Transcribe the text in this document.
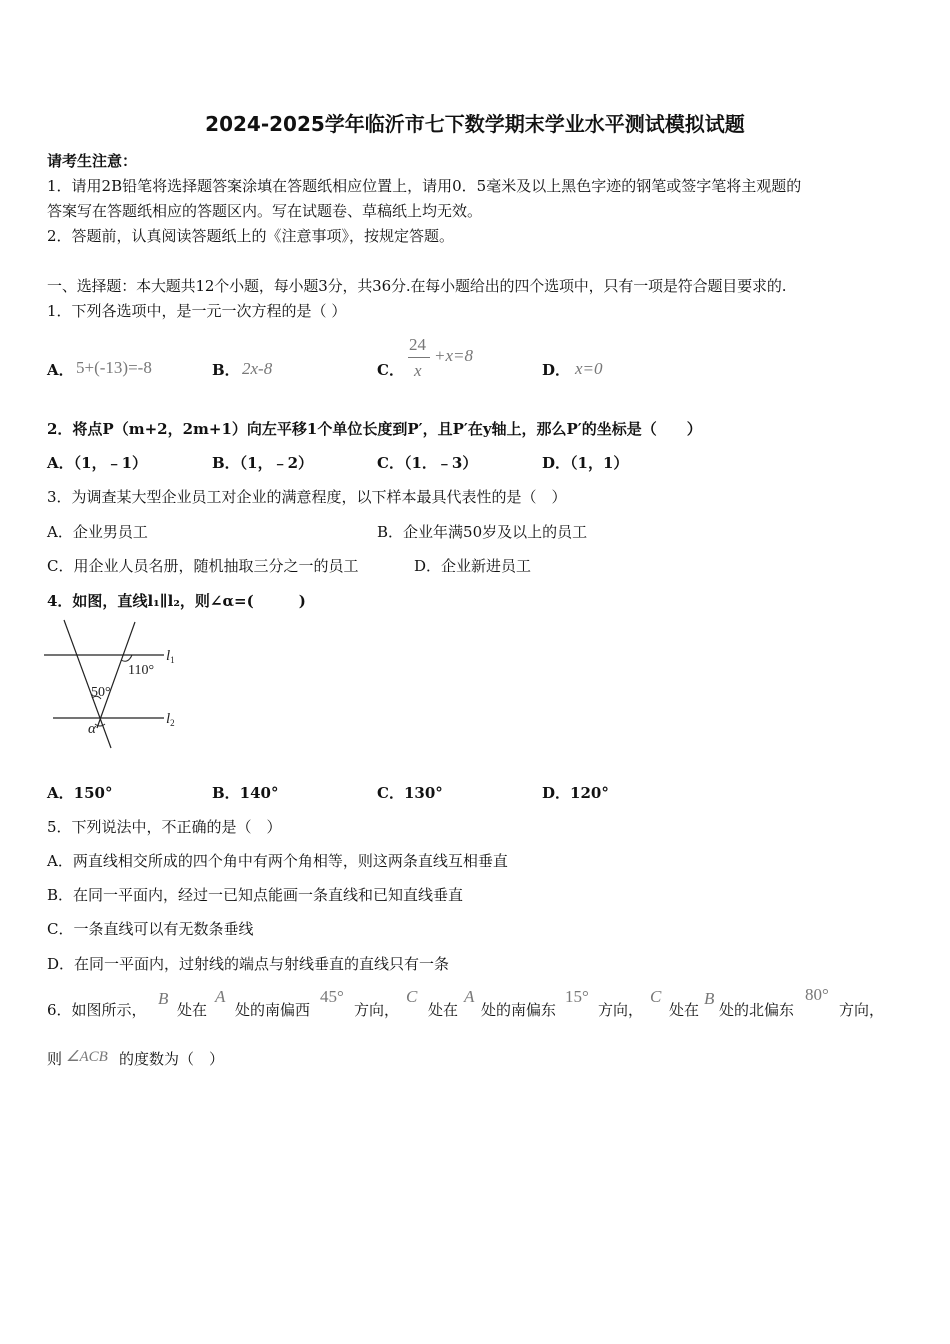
2024-2025学年临沂市七下数学期末学业水平测试模拟试题
请考生注意：
1．请用2B铅笔将选择题答案涂填在答题纸相应位置上，请用0．5毫米及以上黑色字迹的钢笔或签字笔将主观题的
答案写在答题纸相应的答题区内。写在试题卷、草稿纸上均无效。
2．答题前，认真阅读答题纸上的《注意事项》，按规定答题。
一、选择题：本大题共12个小题，每小题3分，共36分.在每小题给出的四个选项中，只有一项是符合题目要求的.
1．下列各选项中，是一元一次方程的是（ ）
A． 5+(-13)=-8	B． 2x-8	C．
24
x
+x=8
D． x=0
2．将点P（m+2，2m+1）向左平移1个单位长度到P′，且P′在y轴上，那么P′的坐标是（　　）
A．（1，﹣1）	B．（1，﹣2）	C．（1．﹣3）	D．（1，1）
3．为调查某大型企业员工对企业的满意程度，以下样本最具代表性的是（　）
A．企业男员工	B．企业年满50岁及以上的员工
C．用企业人员名册，随机抽取三分之一的员工	D．企业新进员工
4．如图，直线l₁∥l₂，则∠α=(　　　)
$l_1$
$l_2$
110°
50°
α
A．150°	B．140°	C．130°	D．120°
5．下列说法中，不正确的是（　）
A．两直线相交所成的四个角中有两个角相等，则这两条直线互相垂直
B．在同一平面内，经过一已知点能画一条直线和已知直线垂直
C．一条直线可以有无数条垂线
D．在同一平面内，过射线的端点与射线垂直的直线只有一条
6．如图所示，
B
处在
A
处的南偏西
45°
方向，
C
处在
A
处的南偏东
15°
方向，
C
处在
B
处的北偏东
80°
方向，
则 ∠ACB 的度数为（　）
